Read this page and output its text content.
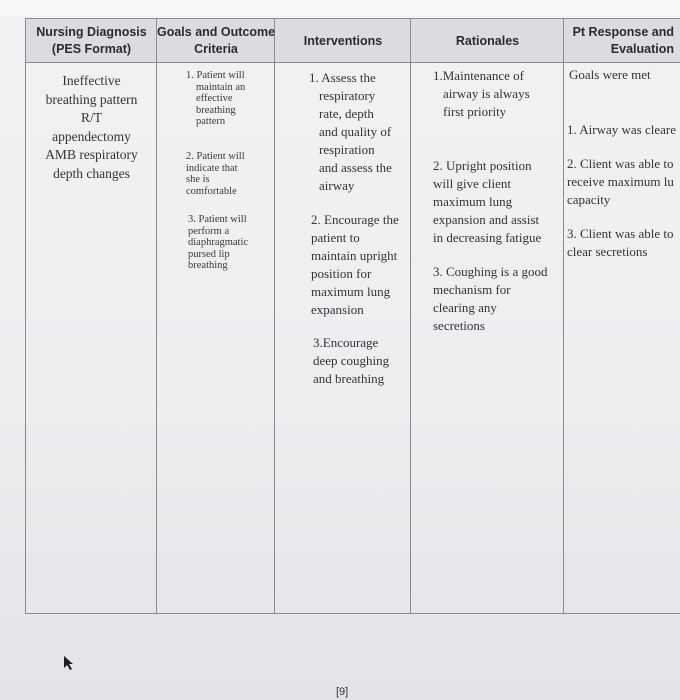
Nursing Diagnosis
(PES Format)
Goals and Outcome
Criteria
Interventions	Rationales
Pt Response and
Evaluation
Ineffective
breathing pattern
R/T
appendectomy
AMB respiratory
depth changes
1. Patient will
maintain an
effective
breathing
pattern
2. Patient will
indicate that
she is
comfortable
3. Patient will
perform a
diaphragmatic
pursed lip
breathing
1. Assess the
respiratory
rate, depth
and quality of
respiration
and assess the
airway
2. Encourage the
patient to
maintain upright
position for
maximum lung
expansion
3.Encourage
deep coughing
and breathing
1.Maintenance of
airway is always
first priority
2. Upright position
will give client
maximum lung
expansion and assist
in decreasing fatigue
3. Coughing is a good
mechanism for
clearing any
secretions
Goals were met
1. Airway was cleare
2. Client was able to
receive maximum lu
capacity
3. Client was able to
clear secretions
[9]
